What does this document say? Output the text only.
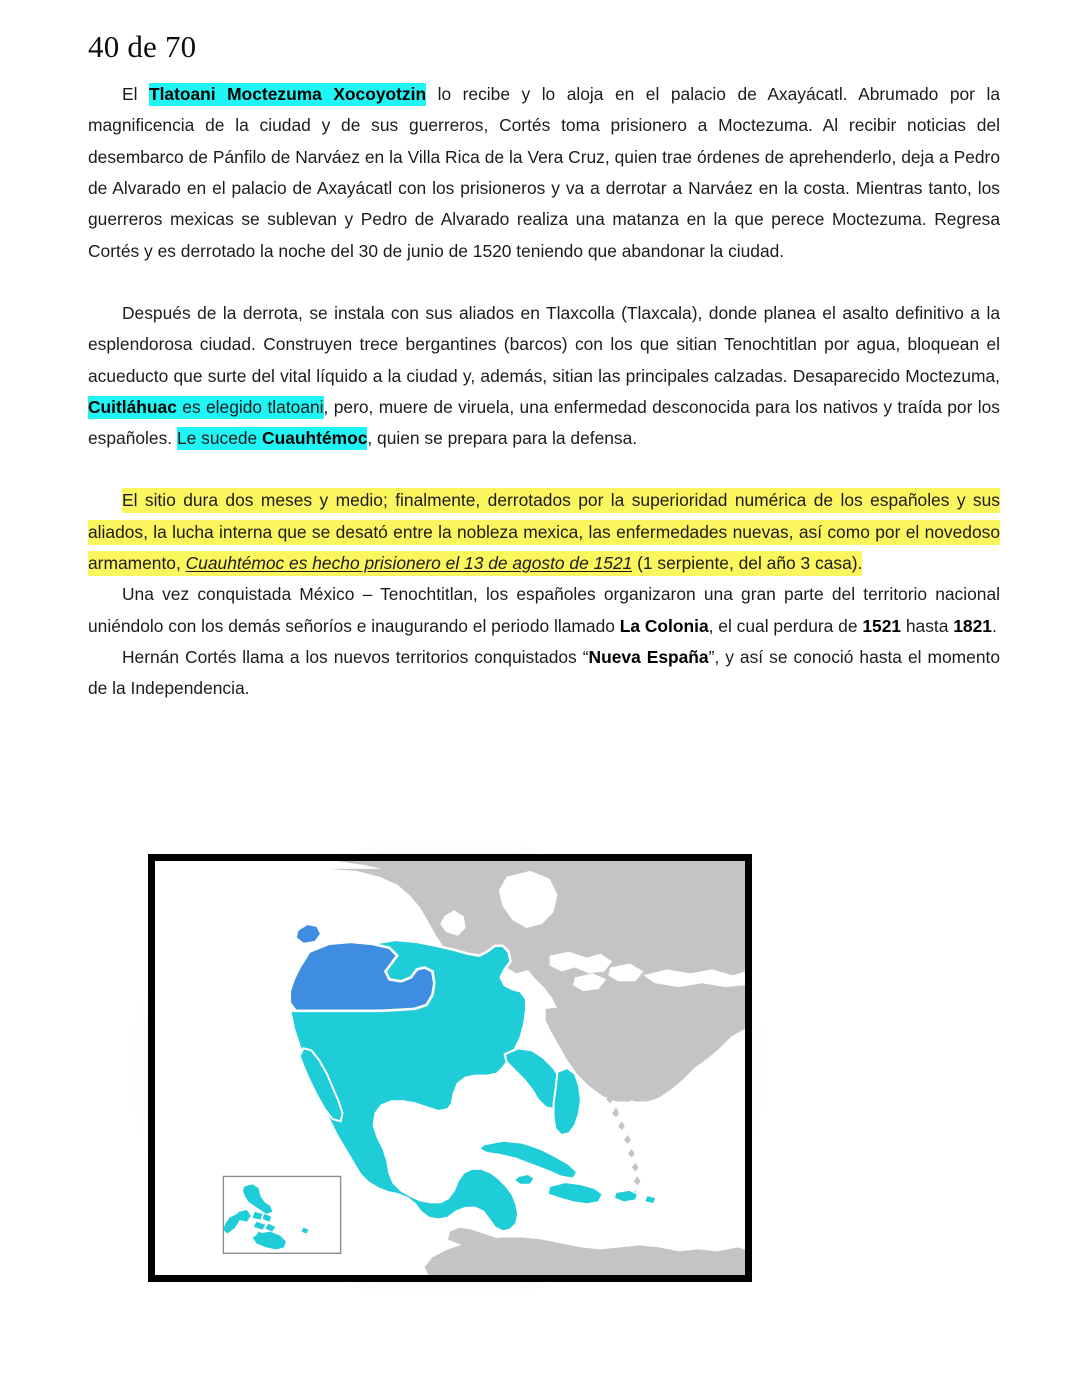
40 de 70

El Tlatoani Moctezuma Xocoyotzin lo recibe y lo aloja en el palacio de Axayácatl. Abrumado por la magnificencia de la ciudad y de sus guerreros, Cortés toma prisionero a Moctezuma. Al recibir noticias del desembarco de Pánfilo de Narváez en la Villa Rica de la Vera Cruz, quien trae órdenes de aprehenderlo, deja a Pedro de Alvarado en el palacio de Axayácatl con los prisioneros y va a derrotar a Narváez en la costa. Mientras tanto, los guerreros mexicas se sublevan y Pedro de Alvarado realiza una matanza en la que perece Moctezuma. Regresa Cortés y es derrotado la noche del 30 de junio de 1520 teniendo que abandonar la ciudad.

Después de la derrota, se instala con sus aliados en Tlaxcolla (Tlaxcala), donde planea el asalto definitivo a la esplendorosa ciudad. Construyen trece bergantines (barcos) con los que sitian Tenochtitlan por agua, bloquean el acueducto que surte del vital líquido a la ciudad y, además, sitian las principales calzadas. Desaparecido Moctezuma, Cuitláhuac es elegido tlatoani, pero, muere de viruela, una enfermedad desconocida para los nativos y traída por los españoles. Le sucede Cuauhtémoc, quien se prepara para la defensa.

El sitio dura dos meses y medio; finalmente, derrotados por la superioridad numérica de los españoles y sus aliados, la lucha interna que se desató entre la nobleza mexica, las enfermedades nuevas, así como por el novedoso armamento, Cuauhtémoc es hecho prisionero el 13 de agosto de 1521 (1 serpiente, del año 3 casa).

Una vez conquistada México – Tenochtitlan, los españoles organizaron una gran parte del territorio nacional uniéndolo con los demás señoríos e inaugurando el periodo llamado La Colonia, el cual perdura de 1521 hasta 1821.

Hernán Cortés llama a los nuevos territorios conquistados “Nueva España”, y así se conoció hasta el momento de la Independencia.
